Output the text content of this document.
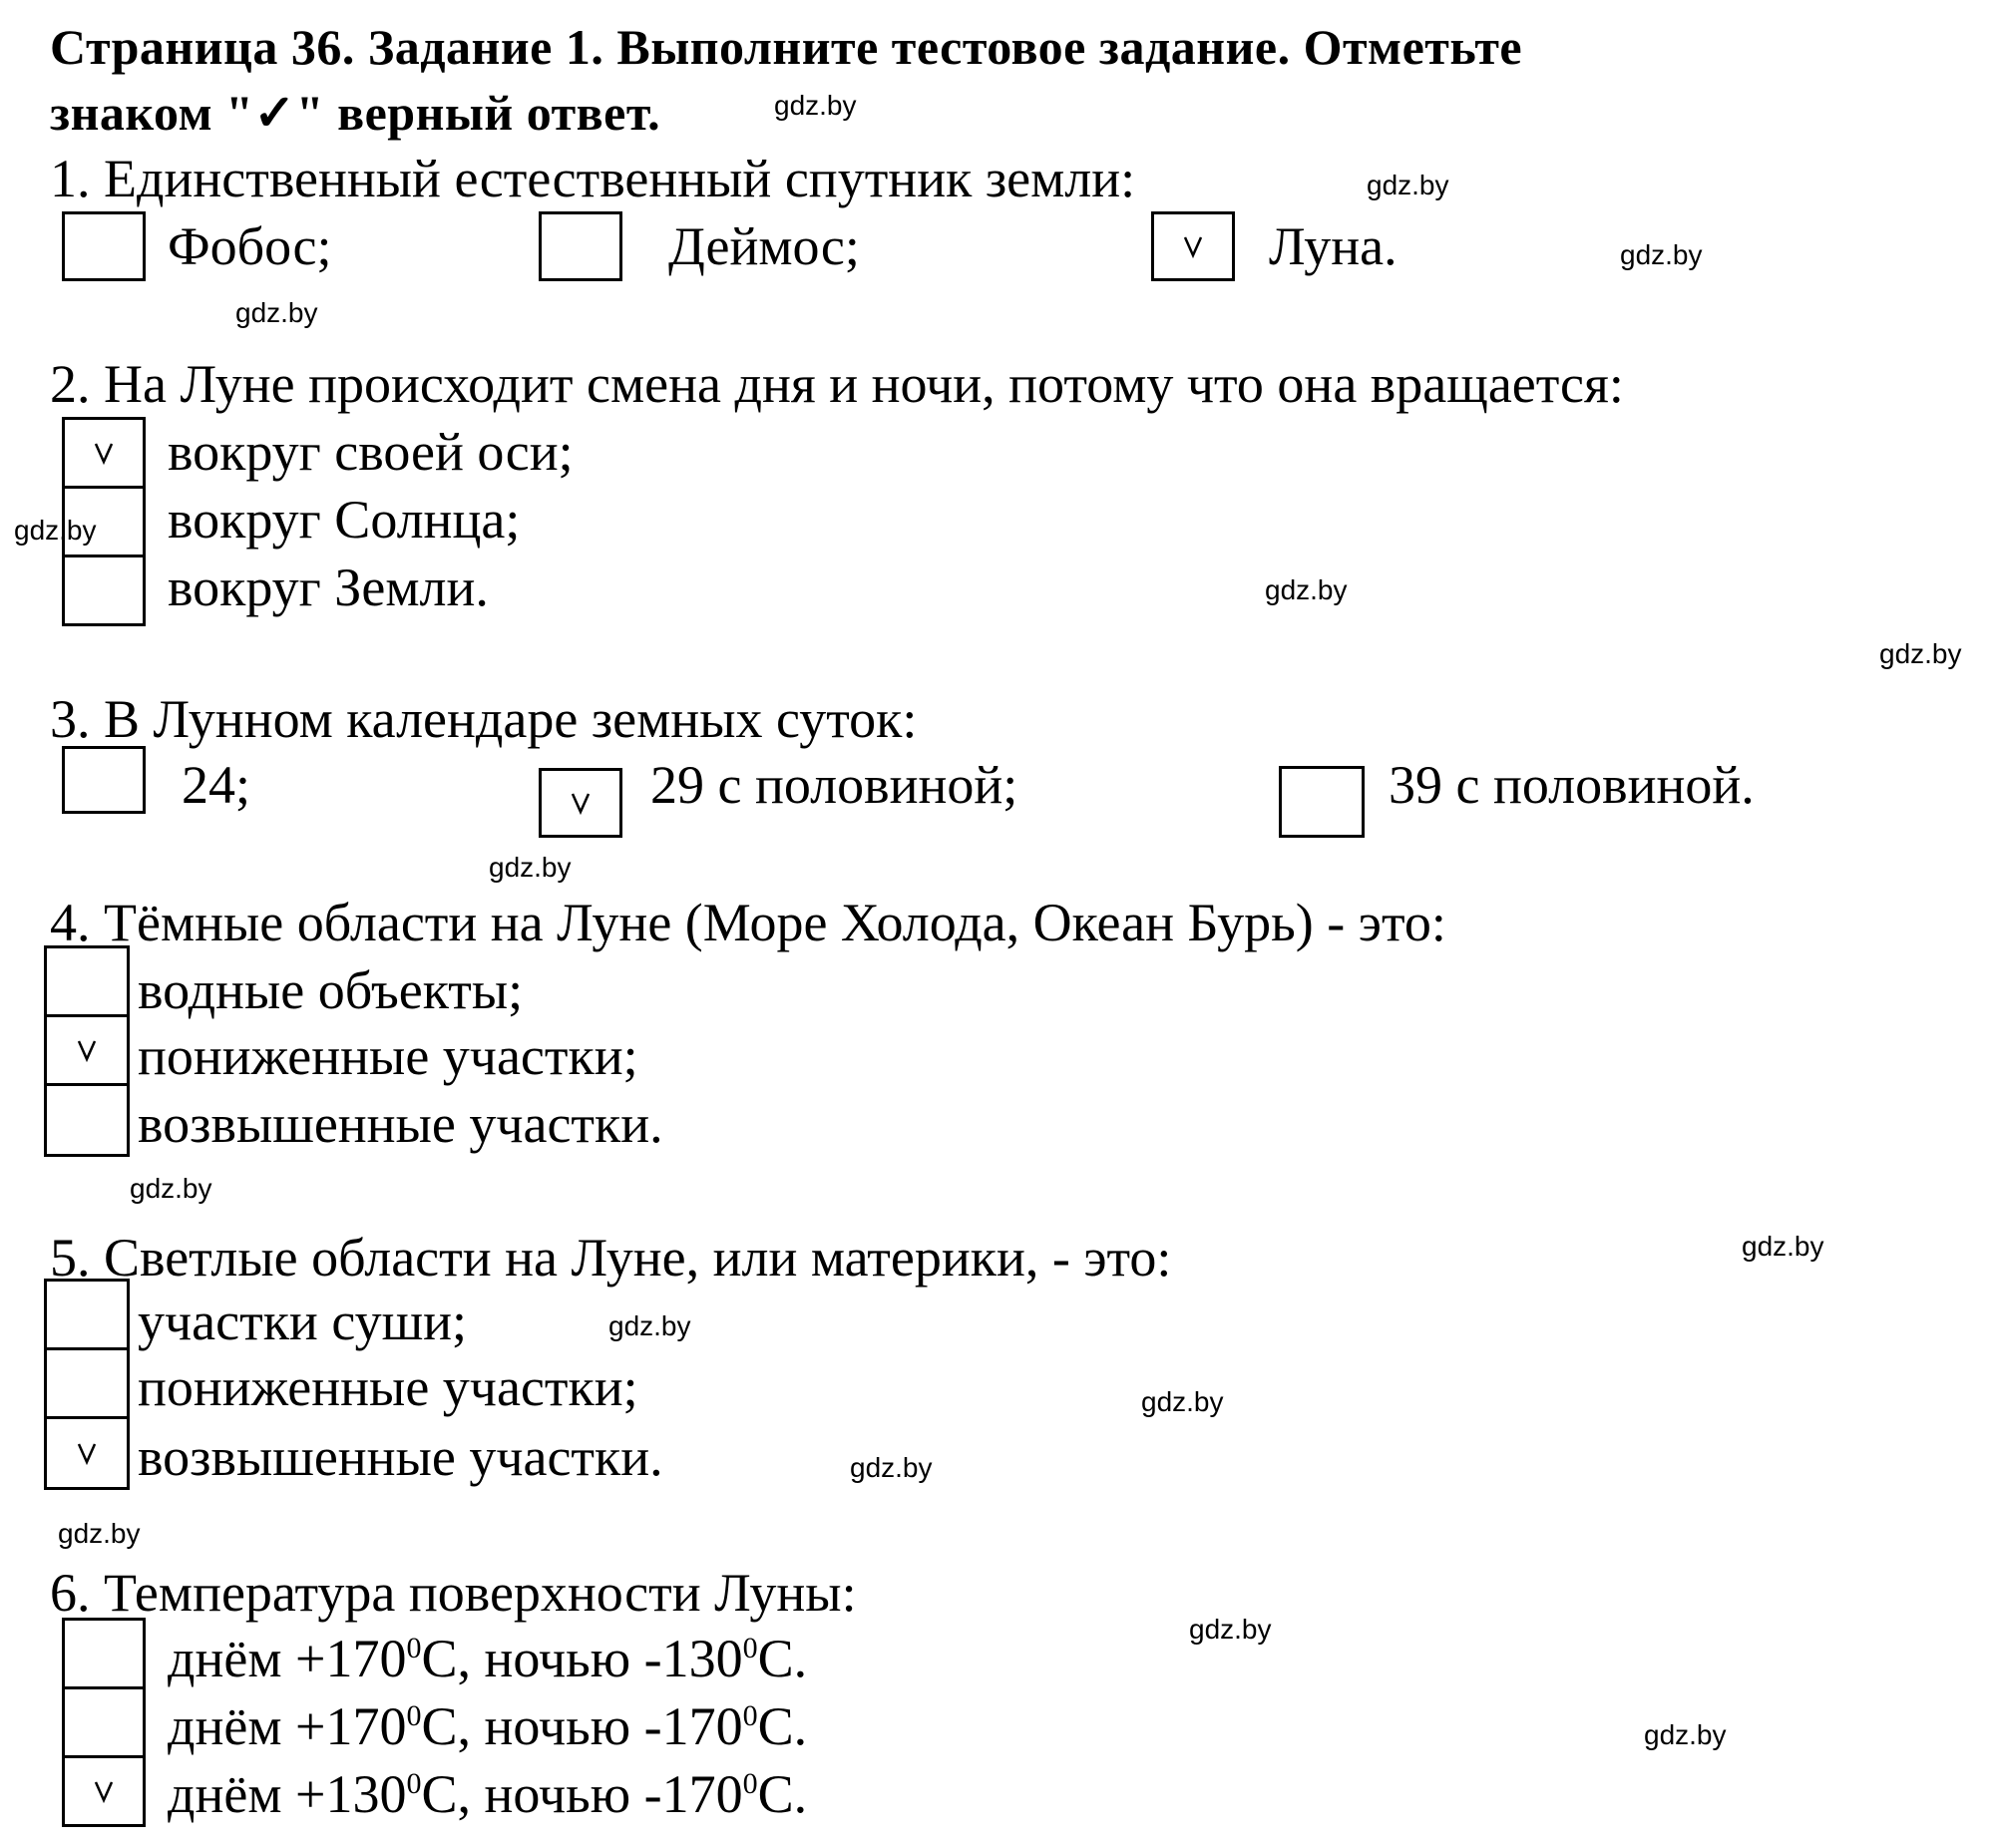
Страница 36. Задание 1. Выполните тестовое задание. Отметьте
знаком "✓" верный ответ.
1. Единственный естественный спутник земли:
Фобос;	Деймос;	Луна.
2. На Луне происходит смена дня и ночи, потому что она вращается:
вокруг своей оси;
вокруг Солнца;
вокруг Земли.
3. В Лунном календаре земных суток:
24;	29 с половиной;	39 с половиной.
4. Тёмные области на Луне (Море Холода, Океан Бурь) - это:
водные объекты;
пониженные участки;
возвышенные участки.
5. Светлые области на Луне, или материки, - это:
участки суши;
пониженные участки;
возвышенные участки.
6. Температура поверхности Луны:
днём $+170^0C$, ночью $-130^0C$.
днём $+170^0C$, ночью $-170^0C$.
днём $+130^0C$, ночью $-170^0C$.
gdz.by
gdz.by
gdz.by
gdz.by
gdz.by
gdz.by
gdz.by
gdz.by
gdz.by
gdz.by
gdz.by
gdz.by
gdz.by
gdz.by
gdz.by
gdz.by
